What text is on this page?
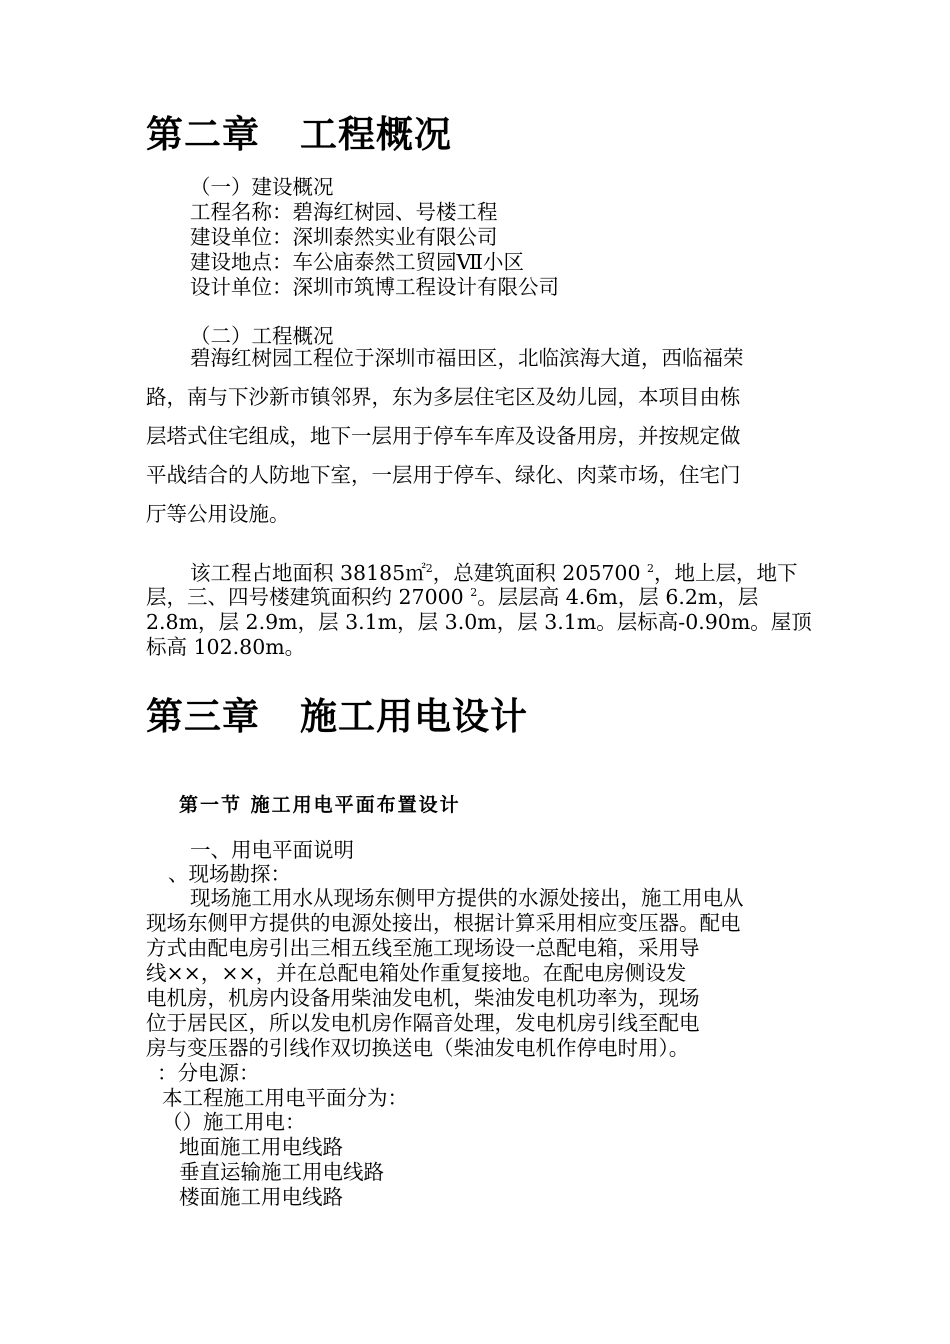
第二章 工程概况
（一）建设概况
工程名称：碧海红树园、号楼工程
建设单位：深圳泰然实业有限公司
建设地点：车公庙泰然工贸园Ⅶ小区
设计单位：深圳市筑博工程设计有限公司
（二）工程概况
碧海红树园工程位于深圳市福田区，北临滨海大道，西临福荣
路，南与下沙新市镇邻界，东为多层住宅区及幼儿园，本项目由栋
层塔式住宅组成，地下一层用于停车车库及设备用房，并按规定做
平战结合的人防地下室，一层用于停车、绿化、肉菜市场，住宅门
厅等公用设施。
该工程占地面积 38185㎡$^2$，总建筑面积 205700 $^2$，地上层，地下
层，三、四号楼建筑面积约 27000 $^2$。层层高 4.6m，层 6.2m，层
2.8m，层 2.9m，层 3.1m，层 3.0m，层 3.1m。层标高-0.90m。屋顶
标高 102.80m。
第三章 施工用电设计
第一节 施工用电平面布置设计
一、用电平面说明
、现场勘探：
现场施工用水从现场东侧甲方提供的水源处接出，施工用电从
现场东侧甲方提供的电源处接出，根据计算采用相应变压器。配电
方式由配电房引出三相五线至施工现场设一总配电箱，采用导
线××，××，并在总配电箱处作重复接地。在配电房侧设发
电机房，机房内设备用柴油发电机，柴油发电机功率为，现场
位于居民区，所以发电机房作隔音处理，发电机房引线至配电
房与变压器的引线作双切换送电（柴油发电机作停电时用）。
：分电源：
本工程施工用电平面分为：
（）施工用电：
地面施工用电线路
垂直运输施工用电线路
楼面施工用电线路
